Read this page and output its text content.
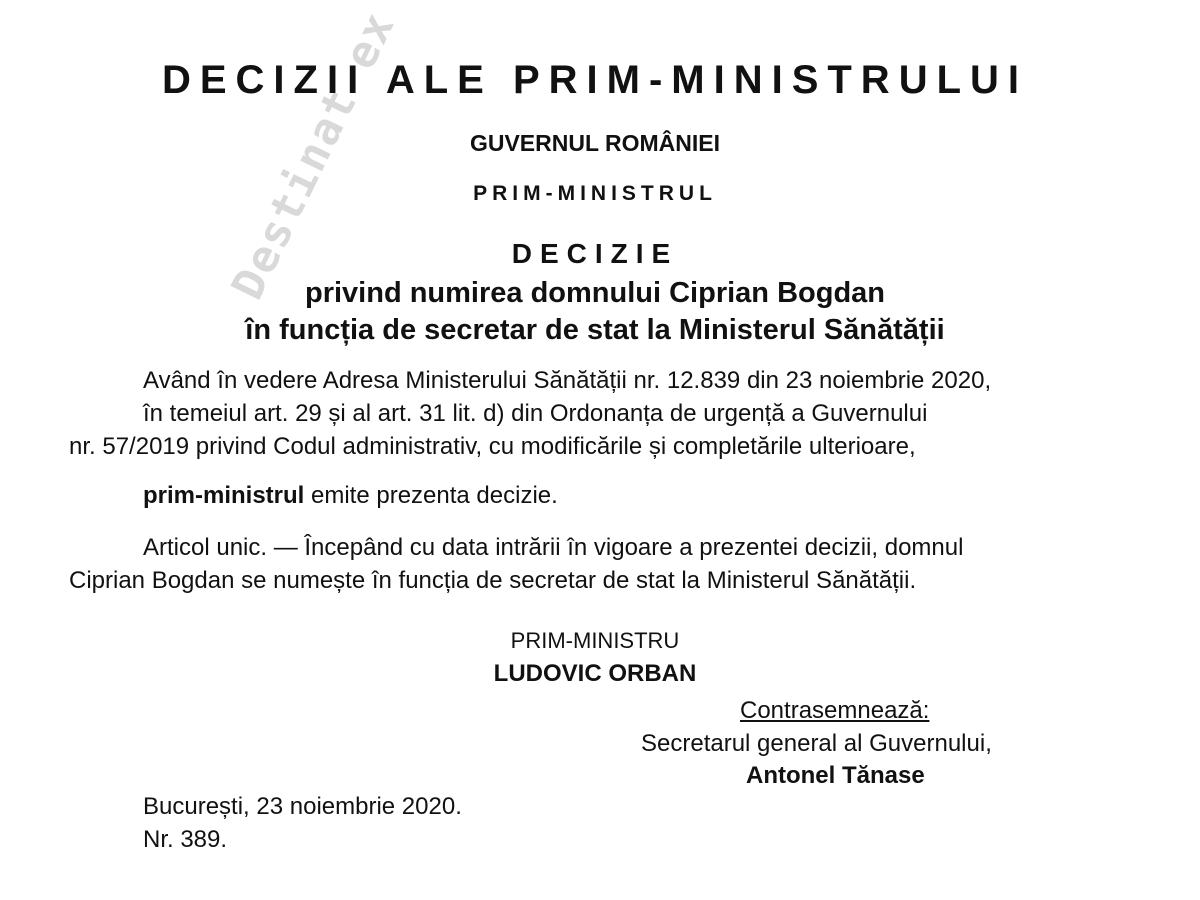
Destinat ex
DECIZII ALE PRIM-MINISTRULUI
GUVERNUL ROMÂNIEI
PRIM-MINISTRUL
DECIZIE
privind numirea domnului Ciprian Bogdan
în funcția de secretar de stat la Ministerul Sănătății
Având în vedere Adresa Ministerului Sănătății nr. 12.839 din 23 noiembrie 2020,
în temeiul art. 29 și al art. 31 lit. d) din Ordonanța de urgență a Guvernului
nr. 57/2019 privind Codul administrativ, cu modificările și completările ulterioare,
prim-ministrul emite prezenta decizie.
Articol unic. — Începând cu data intrării în vigoare a prezentei decizii, domnul
Ciprian Bogdan se numește în funcția de secretar de stat la Ministerul Sănătății.
PRIM-MINISTRU
LUDOVIC ORBAN
Contrasemnează:
Secretarul general al Guvernului,
Antonel Tănase
București, 23 noiembrie 2020.
Nr. 389.
